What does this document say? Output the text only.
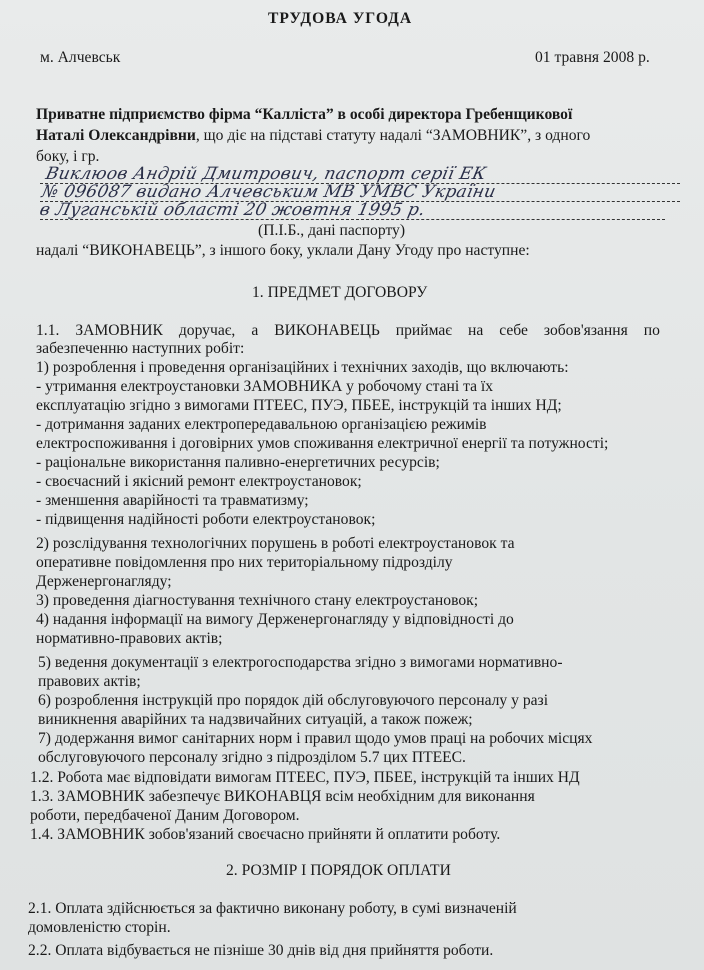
ТРУДОВА УГОДА
м. Алчевськ	01 травня 2008 р.
Приватне підприємство фірма “Каллiста” в особі директора Гребенщикової
Наталі Олександрівни, що діє на підставі статуту надалі “ЗАМОВНИК”, з одного
боку, і гр.
Виклюов Андрій Дмитрович, паспорт серії ЕК
№ 096087 видано Алчевським МВ УМВС України
в Луганській області 20 жовтня 1995 р.
(П.І.Б., дані паспорту)
надалі “ВИКОНАВЕЦЬ”, з іншого боку, уклали Дану Угоду про наступне:
1. ПРЕДМЕТ ДОГОВОРУ
1.1. ЗАМОВНИК доручає, а ВИКОНАВЕЦЬ приймає на себе зобов'язання по
забезпеченню наступних робіт:
1) розроблення і проведення організаційних і технічних заходів, що включають:
- утримання електроустановки ЗАМОВНИКА у робочому стані та їх
експлуатацію згідно з вимогами ПТЕЕС, ПУЭ, ПБЕЕ, інструкцій та інших НД;
- дотримання заданих електропередавальною організацією режимів
електроспоживання і договірних умов споживання електричної енергії та потужності;
- раціональне використання паливно-енергетичних ресурсів;
- своєчасний і якісний ремонт електроустановок;
- зменшення аварійності та травматизму;
- підвищення надійності роботи електроустановок;
2) розслідування технологічних порушень в роботі електроустановок та
оперативне повідомлення про них територіальному підрозділу
Держенергонагляду;
3) проведення діагностування технічного стану електроустановок;
4) надання інформації на вимогу Держенергонагляду у відповідності до
нормативно-правових актів;
5) ведення документації з електрогосподарства згідно з вимогами нормативно-
правових актів;
6) розроблення інструкцій про порядок дій обслуговуючого персоналу у разі
виникнення аварійних та надзвичайних ситуацій, а також пожеж;
7) додержання вимог санітарних норм і правил щодо умов праці на робочих місцях
обслуговуючого персоналу згідно з підрозділом 5.7 цих ПТЕЕС.
1.2. Робота має відповідати вимогам ПТЕЕС, ПУЭ, ПБЕЕ, інструкцій та інших НД
1.3. ЗАМОВНИК забезпечує ВИКОНАВЦЯ всім необхідним для виконання
роботи, передбаченої Даним Договором.
1.4. ЗАМОВНИК зобов'язаний своєчасно прийняти й оплатити роботу.
2. РОЗМІР І ПОРЯДОК ОПЛАТИ
2.1. Оплата здійснюється за фактично виконану роботу, в сумі визначеній
домовленістю сторін.
2.2. Оплата відбувається не пізніше 30 днів від дня прийняття роботи.
